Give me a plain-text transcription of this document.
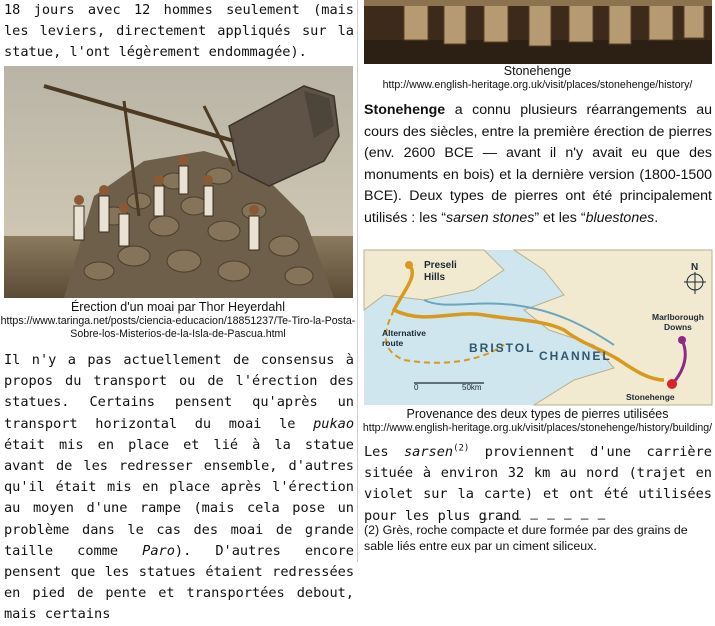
18 jours avec 12 hommes seulement (mais les leviers, directement appliqués sur la statue, l'ont légèrement endommagée).
Érection d'un moai par Thor Heyerdahl
https://www.taringa.net/posts/ciencia-educacion/18851237/Te-Tiro-la-Posta-Sobre-los-Misterios-de-la-Isla-de-Pascua.html
Il n'y a pas actuellement de consensus à propos du transport ou de l'érection des statues. Certains pensent qu'après un transport horizontal du moai le pukao était mis en place et lié à la statue avant de les redresser ensemble, d'autres qu'il était mis en place après l'érection au moyen d'une rampe (mais cela pose un problème dans le cas des moai de grande taille comme Paro). D'autres encore pensent que les statues étaient redressées en pied de pente et transportées debout, mais certains
Stonehenge
http://www.english-heritage.org.uk/visit/places/stonehenge/history/
Stonehenge a connu plusieurs réarrangements au cours des siècles, entre la première érection de pierres (env. 2600 BCE — avant il n'y avait eu que des monuments en bois) et la dernière version (1800-1500 BCE). Deux types de pierres ont été principalement utilisés : les “sarsen stones” et les “bluestones.
Preseli
Hills
Alternative
route	BRISTOL
CHANNEL
Marlborough
Downs
Stonehenge
0	50km
N
Provenance des deux types de pierres utilisées
http://www.english-heritage.org.uk/visit/places/stonehenge/history/building/
Les sarsen$^{(2)}$ proviennent d'une carrière située à environ 32 km au nord (trajet en violet sur la carte) et ont été utilisées pour les plus grand
_ _ _ _ _ _ _ _
(2) Grès, roche compacte et dure formée par des grains de sable liés entre eux par un ciment siliceux.
